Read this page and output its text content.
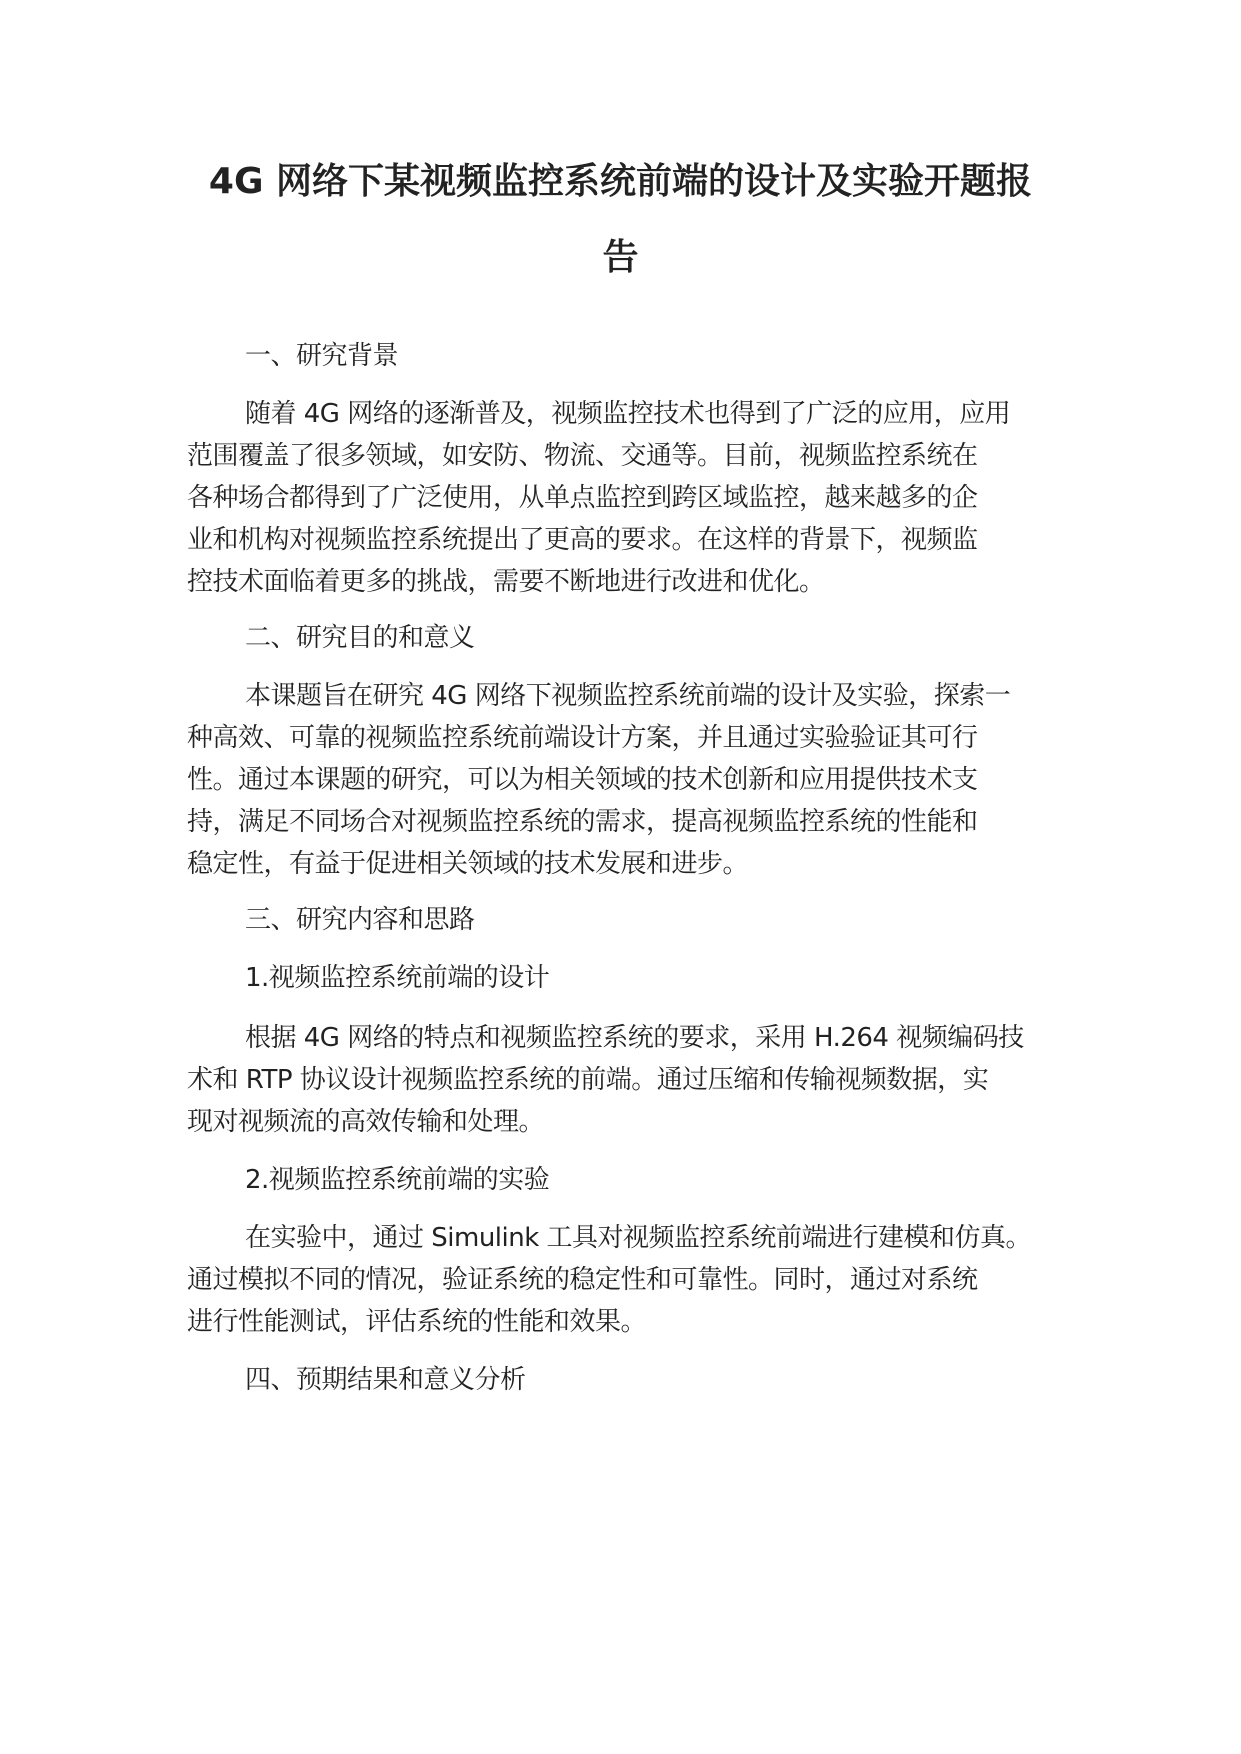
4G 网络下某视频监控系统前端的设计及实验开题报
告

一、研究背景

随着 4G 网络的逐渐普及，视频监控技术也得到了广泛的应用，应用

范围覆盖了很多领域，如安防、物流、交通等。目前，视频监控系统在

各种场合都得到了广泛使用，从单点监控到跨区域监控，越来越多的企

业和机构对视频监控系统提出了更高的要求。在这样的背景下，视频监

控技术面临着更多的挑战，需要不断地进行改进和优化。

二、研究目的和意义

本课题旨在研究 4G 网络下视频监控系统前端的设计及实验，探索一

种高效、可靠的视频监控系统前端设计方案，并且通过实验验证其可行

性。通过本课题的研究，可以为相关领域的技术创新和应用提供技术支

持，满足不同场合对视频监控系统的需求，提高视频监控系统的性能和

稳定性，有益于促进相关领域的技术发展和进步。

三、研究内容和思路

1.视频监控系统前端的设计

根据 4G 网络的特点和视频监控系统的要求，采用 H.264 视频编码技

术和 RTP 协议设计视频监控系统的前端。通过压缩和传输视频数据，实

现对视频流的高效传输和处理。

2.视频监控系统前端的实验

在实验中，通过 Simulink 工具对视频监控系统前端进行建模和仿真。

通过模拟不同的情况，验证系统的稳定性和可靠性。同时，通过对系统

进行性能测试，评估系统的性能和效果。

四、预期结果和意义分析
